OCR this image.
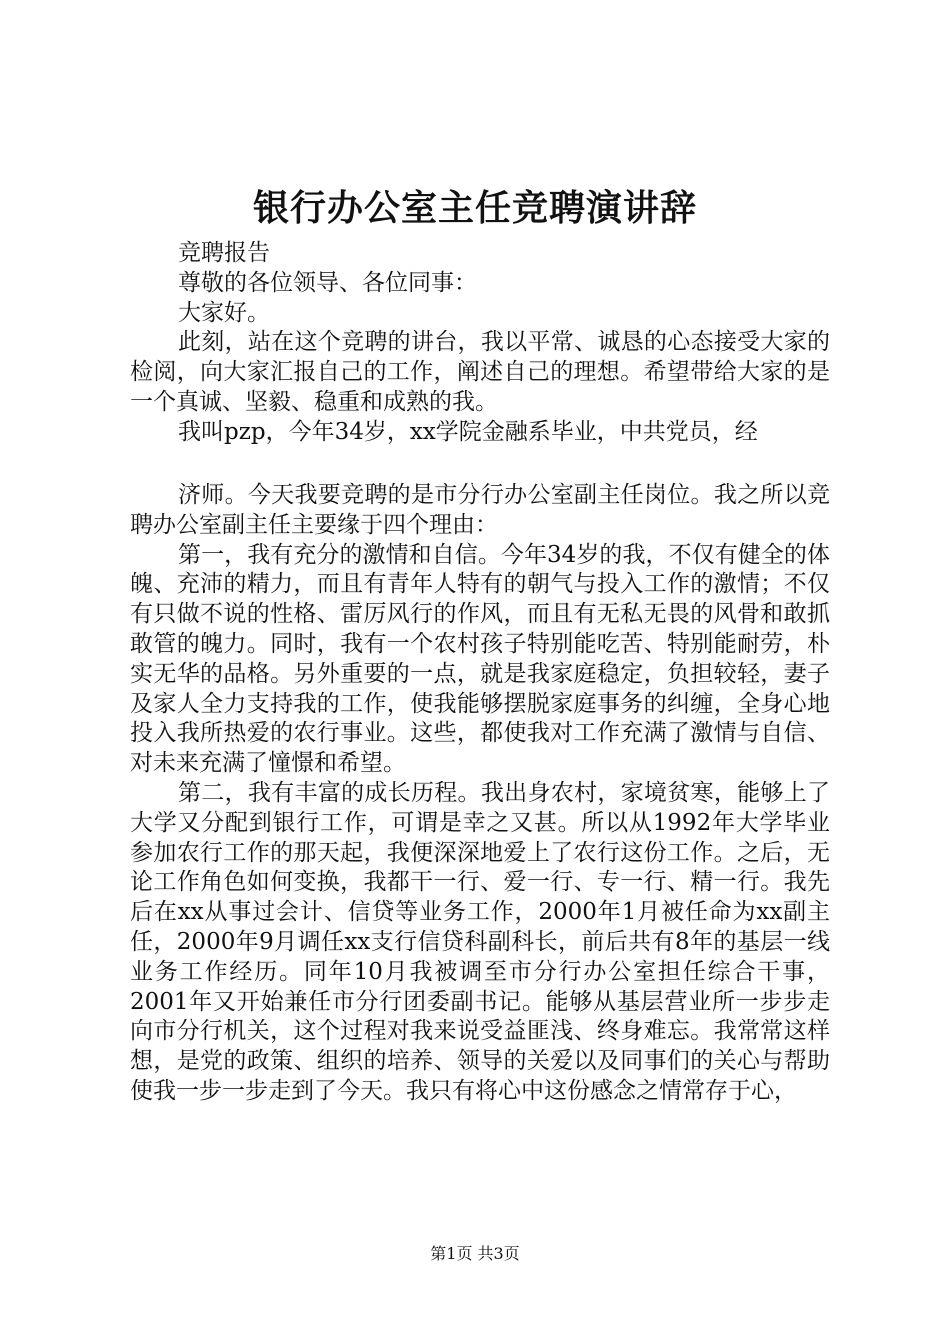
银行办公室主任竞聘演讲辞

竞聘报告

尊敬的各位领导、各位同事：

大家好。

此刻，站在这个竞聘的讲台，我以平常、诚恳的心态接受大家的检阅，向大家汇报自己的工作，阐述自己的理想。希望带给大家的是一个真诚、坚毅、稳重和成熟的我。

我叫pzp，今年34岁，xx学院金融系毕业，中共党员，经

济师。今天我要竞聘的是市分行办公室副主任岗位。我之所以竞聘办公室副主任主要缘于四个理由：

第一，我有充分的激情和自信。今年34岁的我，不仅有健全的体魄、充沛的精力，而且有青年人特有的朝气与投入工作的激情；不仅有只做不说的性格、雷厉风行的作风，而且有无私无畏的风骨和敢抓敢管的魄力。同时，我有一个农村孩子特别能吃苦、特别能耐劳，朴实无华的品格。另外重要的一点，就是我家庭稳定，负担较轻，妻子及家人全力支持我的工作，使我能够摆脱家庭事务的纠缠，全身心地投入我所热爱的农行事业。这些，都使我对工作充满了激情与自信、对未来充满了憧憬和希望。

第二，我有丰富的成长历程。我出身农村，家境贫寒，能够上了大学又分配到银行工作，可谓是幸之又甚。所以从1992年大学毕业参加农行工作的那天起，我便深深地爱上了农行这份工作。之后，无论工作角色如何变换，我都干一行、爱一行、专一行、精一行。我先后在xx从事过会计、信贷等业务工作，2000年1月被任命为xx副主任，2000年9月调任xx支行信贷科副科长，前后共有8年的基层一线业务工作经历。同年10月我被调至市分行办公室担任综合干事，2001年又开始兼任市分行团委副书记。能够从基层营业所一步步走向市分行机关，这个过程对我来说受益匪浅、终身难忘。我常常这样想，是党的政策、组织的培养、领导的关爱以及同事们的关心与帮助使我一步一步走到了今天。我只有将心中这份感念之情常存于心，

第1页 共3页
